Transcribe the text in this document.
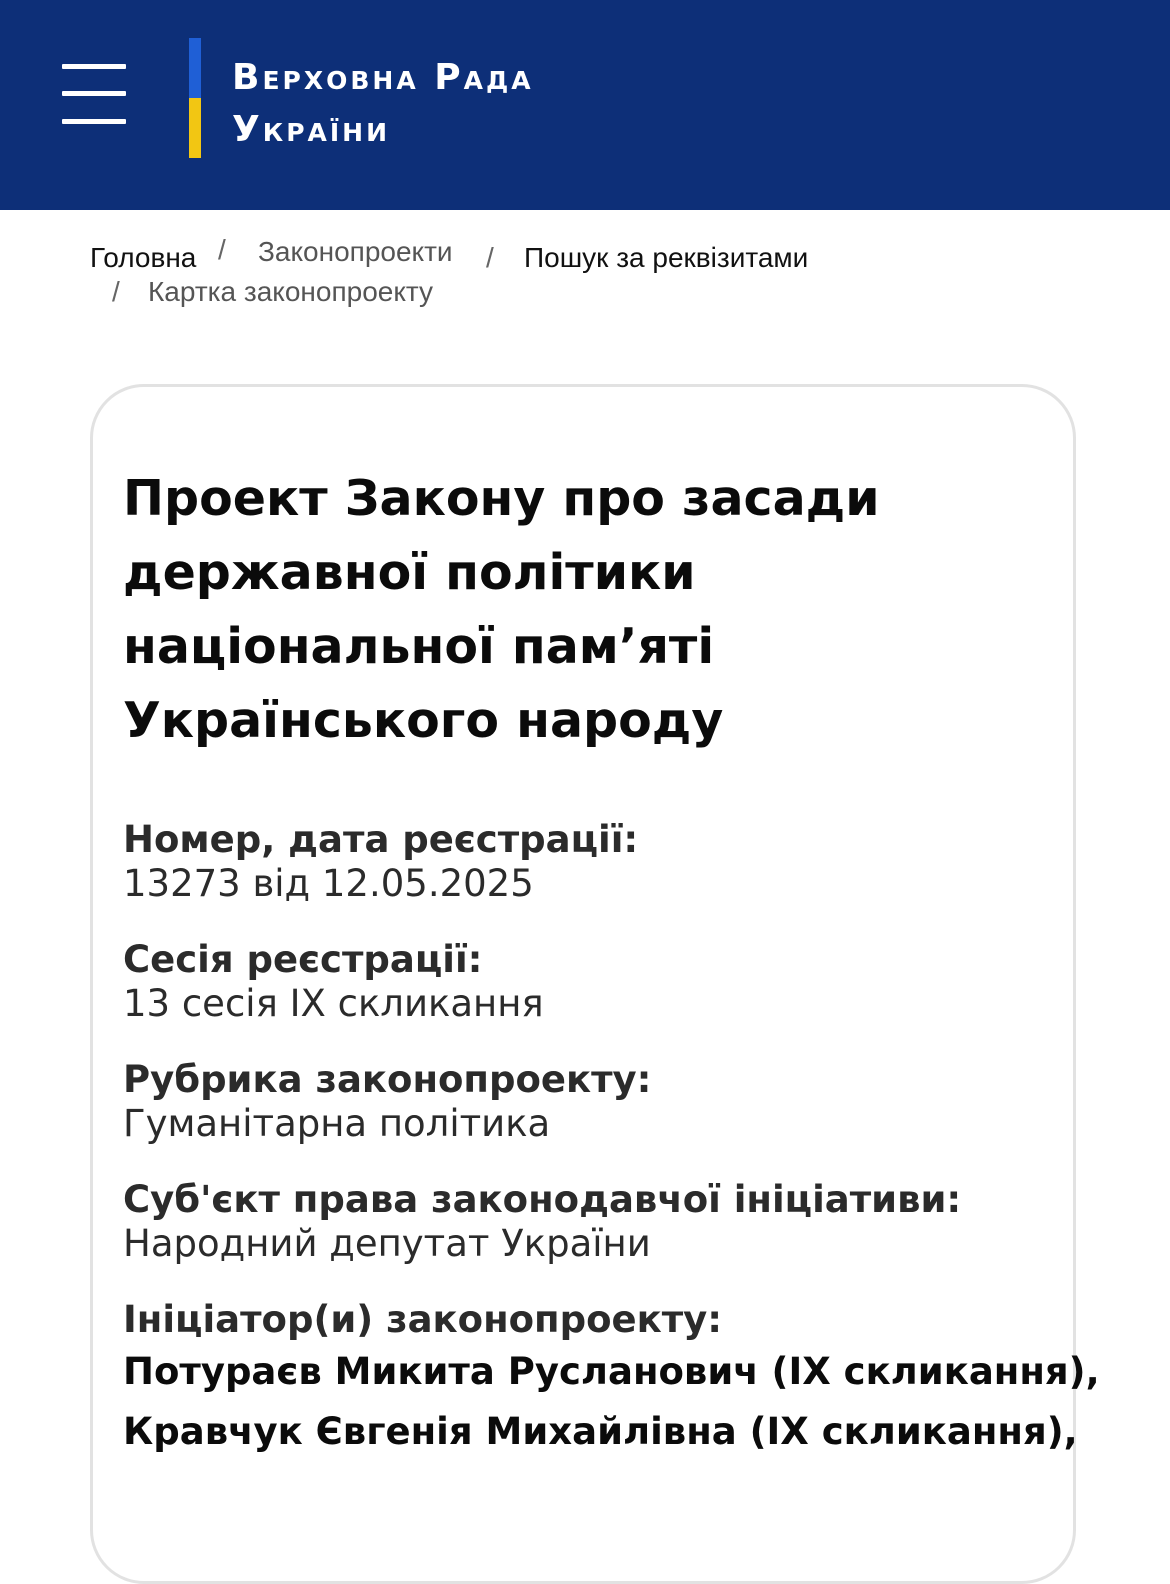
Верховна Рада
України
Головна / Законопроекти / Пошук за реквізитами
/ Картка законопроекту
Проект Закону про засади державної політики національної пам’яті Українського народу
Номер, дата реєстрації:
13273 від 12.05.2025
Сесія реєстрації:
13 сесія IX скликання
Рубрика законопроекту:
Гуманітарна політика
Суб'єкт права законодавчої ініціативи:
Народний депутат України
Ініціатор(и) законопроекту:
Потураєв Микита Русланович (IX скликання),
Кравчук Євгенія Михайлівна (IX скликання),
